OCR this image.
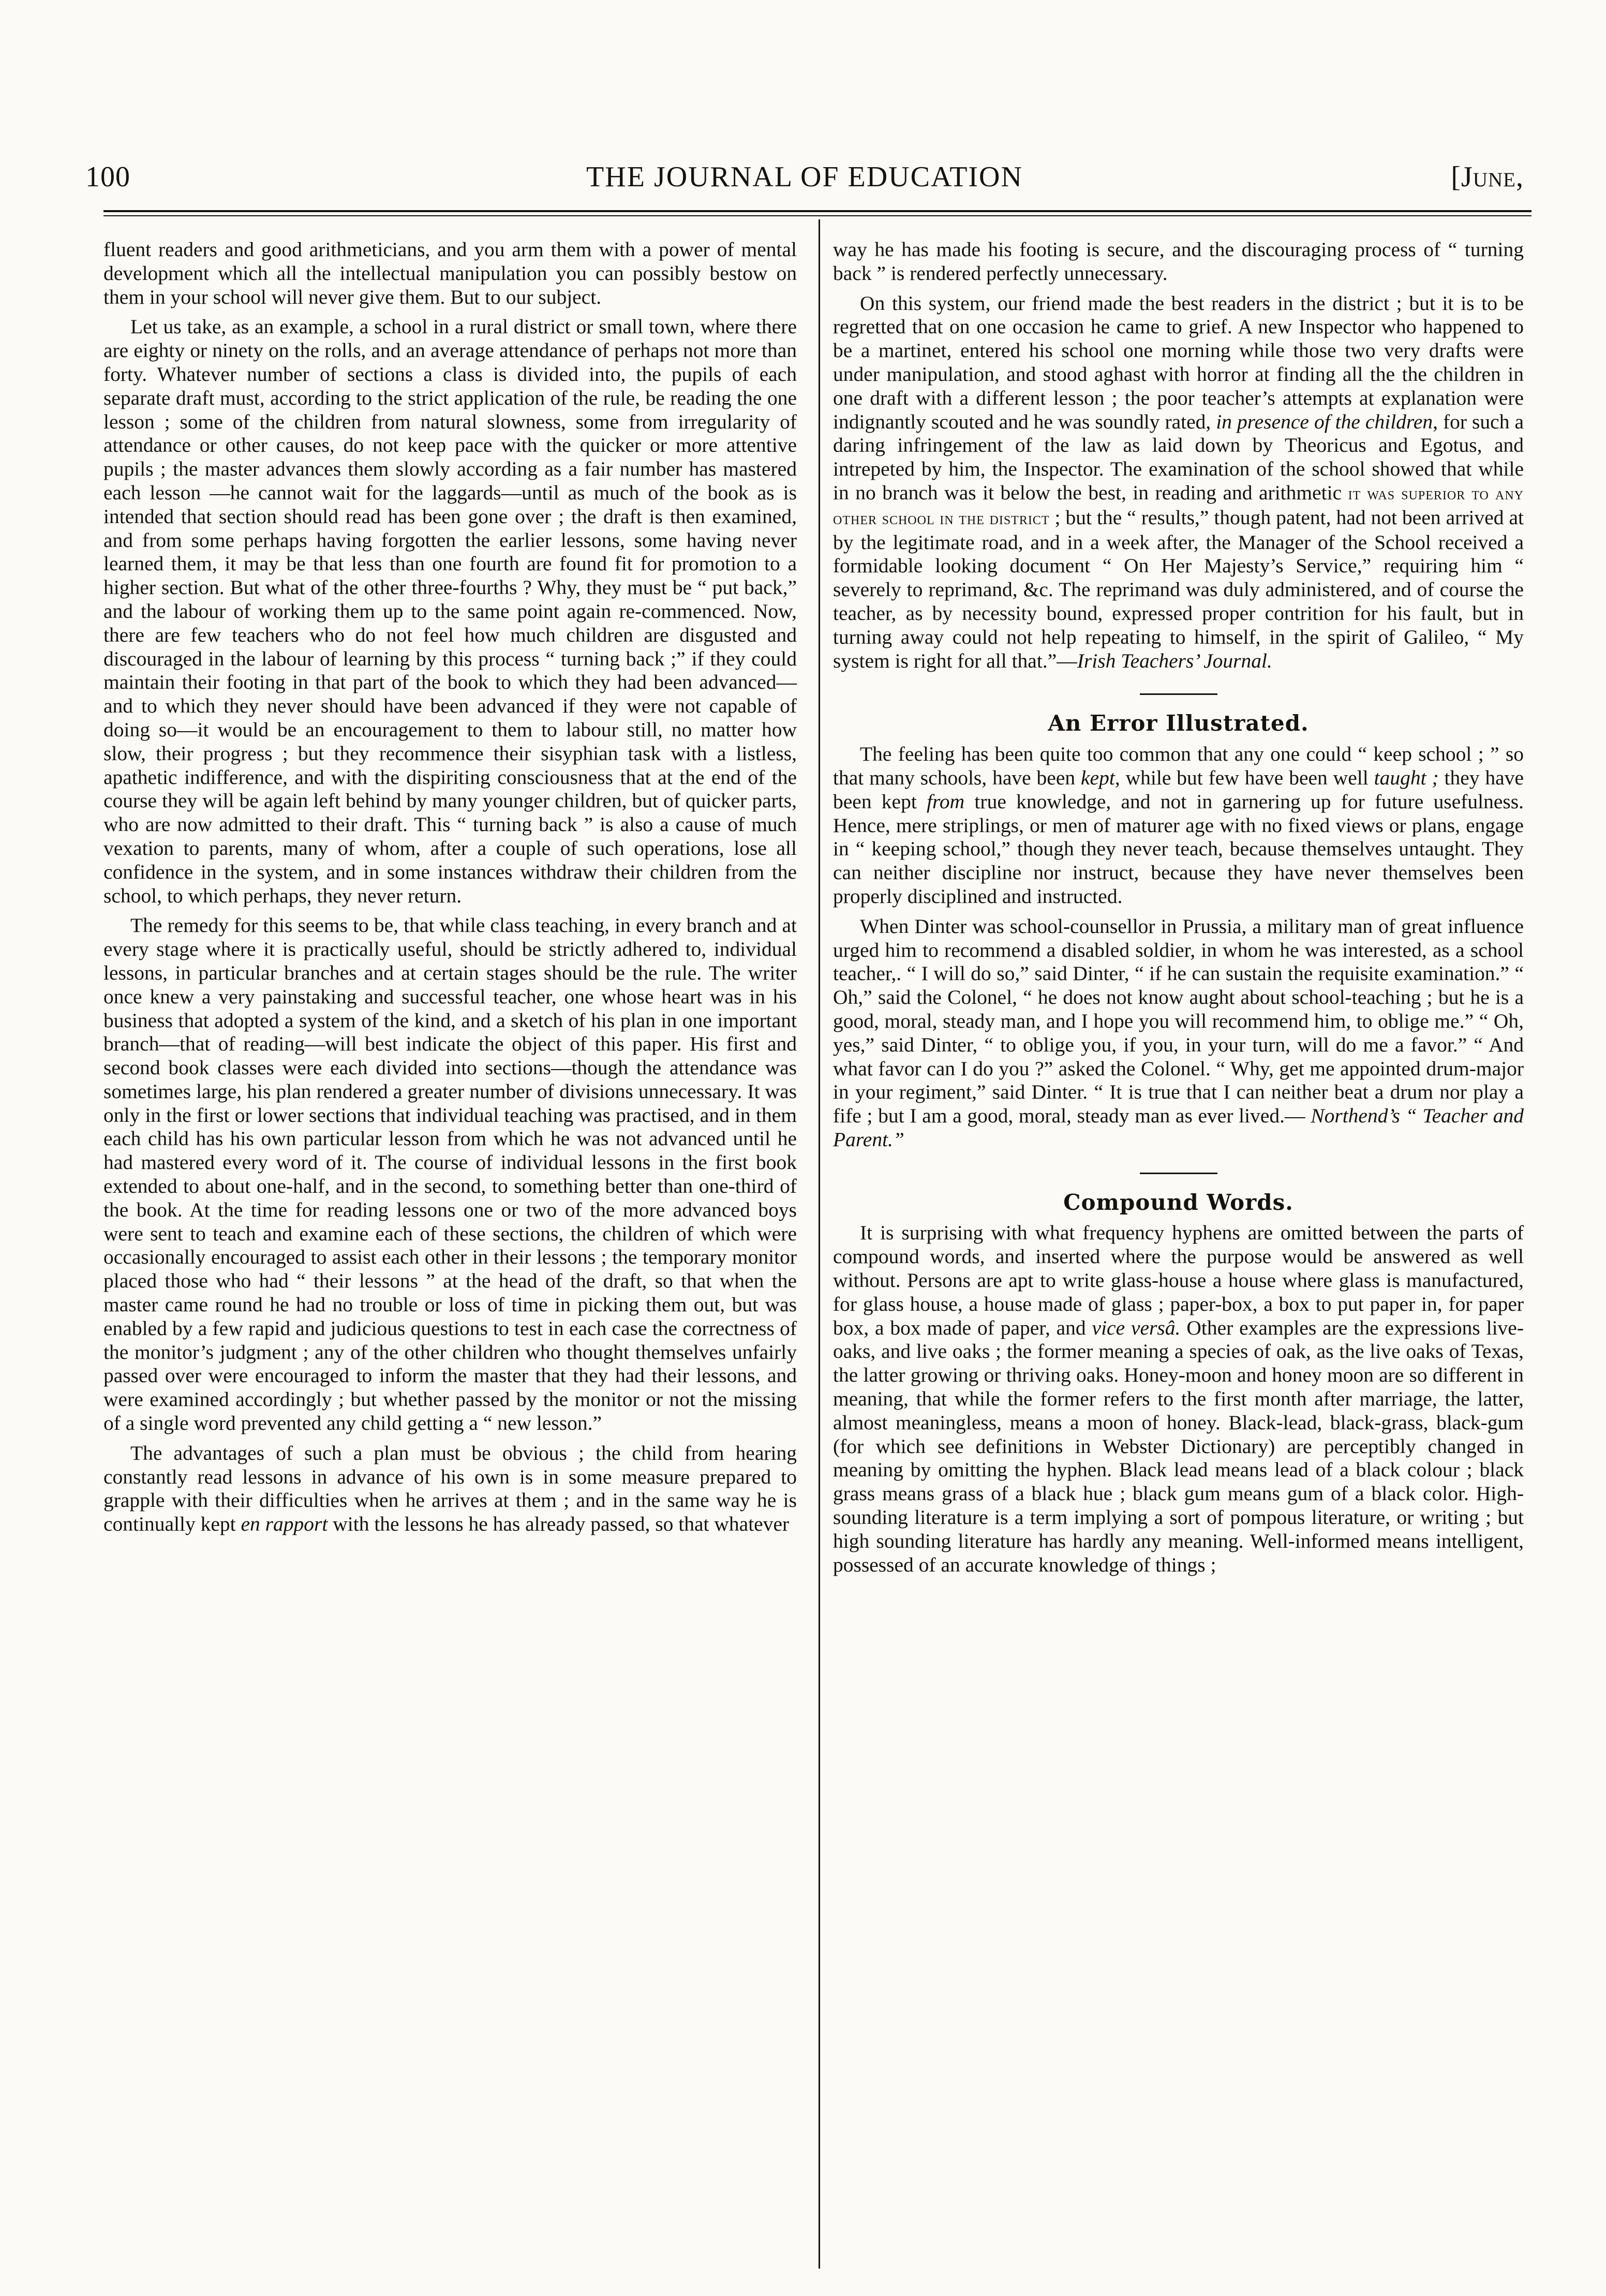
100	THE JOURNAL OF EDUCATION	[June,

fluent readers and good arithmeticians, and you arm them with a power of mental development which all the intellectual manipulation you can possibly bestow on them in your school will never give them. But to our subject.

Let us take, as an example, a school in a rural district or small town, where there are eighty or ninety on the rolls, and an average attendance of perhaps not more than forty. Whatever number of sections a class is divided into, the pupils of each separate draft must, according to the strict application of the rule, be reading the one lesson ; some of the children from natural slowness, some from irregularity of attendance or other causes, do not keep pace with the quicker or more attentive pupils ; the master advances them slowly according as a fair number has mastered each lesson —he cannot wait for the laggards—until as much of the book as is intended that section should read has been gone over ; the draft is then examined, and from some perhaps having forgotten the earlier lessons, some having never learned them, it may be that less than one fourth are found fit for promotion to a higher section. But what of the other three-fourths ? Why, they must be “ put back,” and the labour of working them up to the same point again re-commenced. Now, there are few teachers who do not feel how much children are disgusted and discouraged in the labour of learning by this process “ turning back ;” if they could maintain their footing in that part of the book to which they had been advanced—and to which they never should have been advanced if they were not capable of doing so—it would be an encouragement to them to labour still, no matter how slow, their progress ; but they recommence their sisyphian task with a listless, apathetic indifference, and with the dispiriting consciousness that at the end of the course they will be again left behind by many younger children, but of quicker parts, who are now admitted to their draft. This “ turning back ” is also a cause of much vexation to parents, many of whom, after a couple of such operations, lose all confidence in the system, and in some instances withdraw their children from the school, to which perhaps, they never return.

The remedy for this seems to be, that while class teaching, in every branch and at every stage where it is practically useful, should be strictly adhered to, individual lessons, in particular branches and at certain stages should be the rule. The writer once knew a very painstaking and successful teacher, one whose heart was in his business that adopted a system of the kind, and a sketch of his plan in one important branch—that of reading—will best indicate the object of this paper. His first and second book classes were each divided into sections—though the attendance was sometimes large, his plan rendered a greater number of divisions unnecessary. It was only in the first or lower sections that individual teaching was practised, and in them each child has his own particular lesson from which he was not advanced until he had mastered every word of it. The course of individual lessons in the first book extended to about one-half, and in the second, to something better than one-third of the book. At the time for reading lessons one or two of the more advanced boys were sent to teach and examine each of these sections, the children of which were occasionally encouraged to assist each other in their lessons ; the temporary monitor placed those who had “ their lessons ” at the head of the draft, so that when the master came round he had no trouble or loss of time in picking them out, but was enabled by a few rapid and judicious questions to test in each case the correctness of the monitor’s judgment ; any of the other children who thought themselves unfairly passed over were encouraged to inform the master that they had their lessons, and were examined accordingly ; but whether passed by the monitor or not the missing of a single word prevented any child getting a “ new lesson.”

The advantages of such a plan must be obvious ; the child from hearing constantly read lessons in advance of his own is in some measure prepared to grapple with their difficulties when he arrives at them ; and in the same way he is continually kept en rapport with the lessons he has already passed, so that whatever

way he has made his footing is secure, and the discouraging process of “ turning back ” is rendered perfectly unnecessary.

On this system, our friend made the best readers in the district ; but it is to be regretted that on one occasion he came to grief. A new Inspector who happened to be a martinet, entered his school one morning while those two very drafts were under manipulation, and stood aghast with horror at finding all the the children in one draft with a different lesson ; the poor teacher’s attempts at explanation were indignantly scouted and he was soundly rated, in presence of the children, for such a daring infringement of the law as laid down by Theoricus and Egotus, and intrepeted by him, the Inspector. The examination of the school showed that while in no branch was it below the best, in reading and arithmetic it was superior to any other school in the district ; but the “ results,” though patent, had not been arrived at by the legitimate road, and in a week after, the Manager of the School received a formidable looking document “ On Her Majesty’s Service,” requiring him “ severely to reprimand, &c. The reprimand was duly administered, and of course the teacher, as by necessity bound, expressed proper contrition for his fault, but in turning away could not help repeating to himself, in the spirit of Galileo, “ My system is right for all that.”—Irish Teachers’ Journal.

An Error Illustrated.

The feeling has been quite too common that any one could “ keep school ; ” so that many schools, have been kept, while but few have been well taught ; they have been kept from true knowledge, and not in garnering up for future usefulness. Hence, mere striplings, or men of maturer age with no fixed views or plans, engage in “ keeping school,” though they never teach, because themselves untaught. They can neither discipline nor instruct, because they have never themselves been properly disciplined and instructed.

When Dinter was school-counsellor in Prussia, a military man of great influence urged him to recommend a disabled soldier, in whom he was interested, as a school teacher,. “ I will do so,” said Dinter, “ if he can sustain the requisite examination.” “ Oh,” said the Colonel, “ he does not know aught about school-teaching ; but he is a good, moral, steady man, and I hope you will recommend him, to oblige me.” “ Oh, yes,” said Dinter, “ to oblige you, if you, in your turn, will do me a favor.” “ And what favor can I do you ?” asked the Colonel. “ Why, get me appointed drum-major in your regiment,” said Dinter. “ It is true that I can neither beat a drum nor play a fife ; but I am a good, moral, steady man as ever lived.— Northend’s “ Teacher and Parent.”

Compound Words.

It is surprising with what frequency hyphens are omitted between the parts of compound words, and inserted where the purpose would be answered as well without. Persons are apt to write glass-house a house where glass is manufactured, for glass house, a house made of glass ; paper-box, a box to put paper in, for paper box, a box made of paper, and vice versâ. Other examples are the expressions live-oaks, and live oaks ; the former meaning a species of oak, as the live oaks of Texas, the latter growing or thriving oaks. Honey-moon and honey moon are so different in meaning, that while the former refers to the first month after marriage, the latter, almost meaningless, means a moon of honey. Black-lead, black-grass, black-gum (for which see definitions in Webster Dictionary) are perceptibly changed in meaning by omitting the hyphen. Black lead means lead of a black colour ; black grass means grass of a black hue ; black gum means gum of a black color. High-sounding literature is a term implying a sort of pompous literature, or writing ; but high sounding literature has hardly any meaning. Well-informed means intelligent, possessed of an accurate knowledge of things ;
